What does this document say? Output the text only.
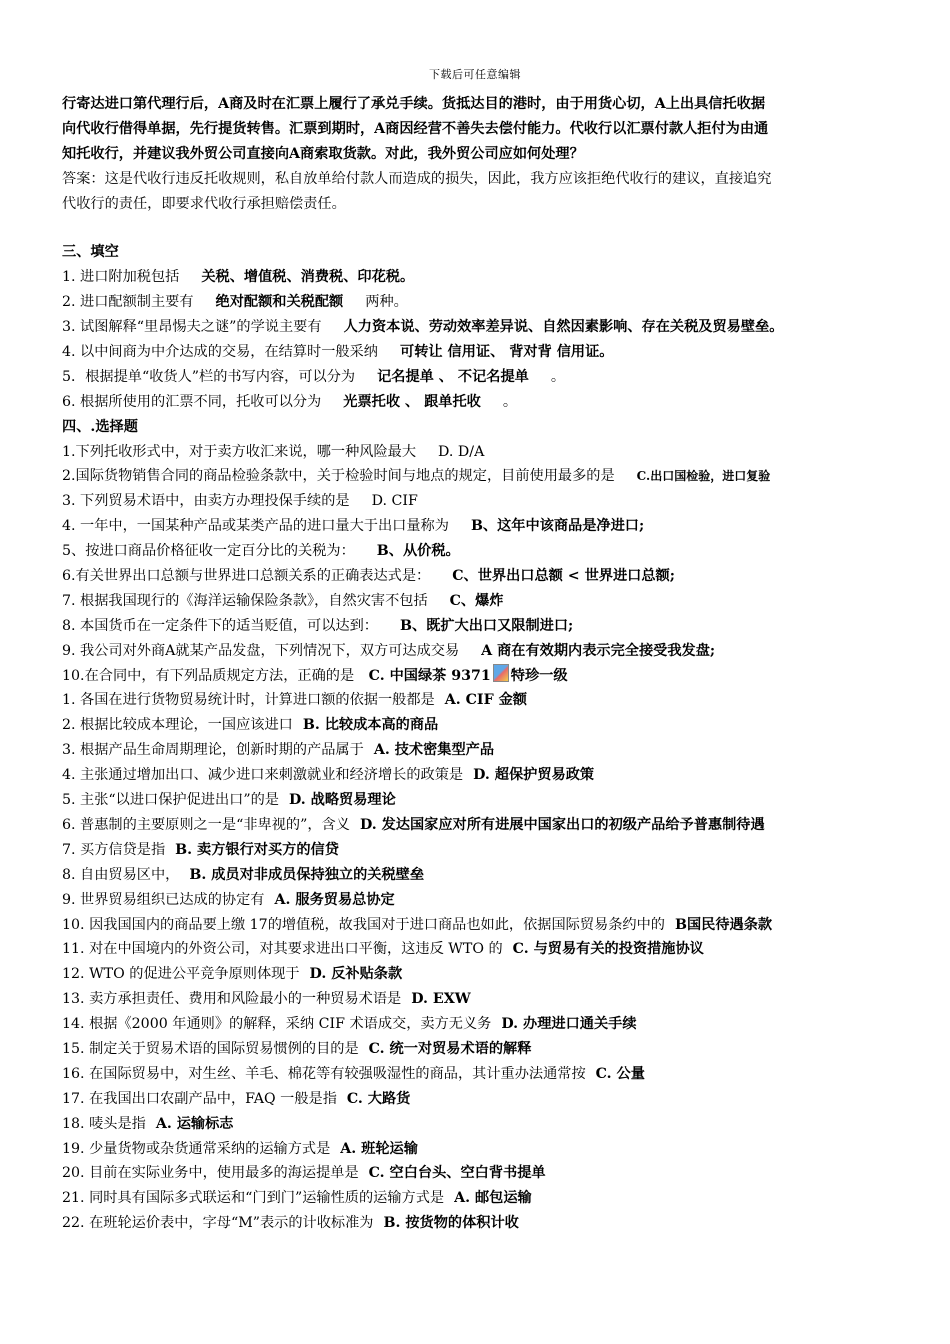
下载后可任意编辑
行寄达进口第代理行后，A商及时在汇票上履行了承兑手续。货抵达目的港时，由于用货心切，A上出具信托收据
向代收行借得单据，先行提货转售。汇票到期时，A商因经营不善失去偿付能力。代收行以汇票付款人拒付为由通
知托收行，并建议我外贸公司直接向A商索取货款。对此，我外贸公司应如何处理？
答案：这是代收行违反托收规则，私自放单给付款人而造成的损失，因此，我方应该拒绝代收行的建议，直接追究
代收行的责任，即要求代收行承担赔偿责任。
三、填空
1. 进口附加税包括 关税、增值税、消费税、印花税。
2. 进口配额制主要有 绝对配额和关税配额 两种。
3. 试图解释“里昂惕夫之谜”的学说主要有 人力资本说、劳动效率差异说、自然因素影响、存在关税及贸易壁垒。
4. 以中间商为中介达成的交易，在结算时一般采纳 可转让 信用证、 背对背 信用证。
5．根据提单“收货人”栏的书写内容，可以分为 记名提单 、 不记名提单 。
6. 根据所使用的汇票不同，托收可以分为 光票托收 、 跟单托收 。
四、.选择题
1.下列托收形式中，对于卖方收汇来说，哪一种风险最大 D. D/A
2.国际货物销售合同的商品检验条款中，关于检验时间与地点的规定，目前使用最多的是 C.出口国检验，进口复验
3. 下列贸易术语中，由卖方办理投保手续的是 D. CIF
4. 一年中，一国某种产品或某类产品的进口量大于出口量称为 B、这年中该商品是净进口;
5、按进口商品价格征收一定百分比的关税为： B、从价税。
6.有关世界出口总额与世界进口总额关系的正确表达式是： C、世界出口总额 < 世界进口总额;
7. 根据我国现行的《海洋运输保险条款》，自然灾害不包括 C、爆炸
8. 本国货币在一定条件下的适当贬值，可以达到： B、既扩大出口又限制进口;
9. 我公司对外商A就某产品发盘，下列情况下，双方可达成交易 A 商在有效期内表示完全接受我发盘;
10.在合同中，有下列品质规定方法，正确的是 C. 中国绿茶 9371 特珍一级
1. 各国在进行货物贸易统计时，计算进口额的依据一般都是 A. CIF 金额
2. 根据比较成本理论，一国应该进口 B. 比较成本高的商品
3. 根据产品生命周期理论，创新时期的产品属于 A. 技术密集型产品
4. 主张通过增加出口、减少进口来刺激就业和经济增长的政策是 D. 超保护贸易政策
5. 主张“以进口保护促进出口”的是 D. 战略贸易理论
6. 普惠制的主要原则之一是“非卑视的”，含义 D. 发达国家应对所有进展中国家出口的初级产品给予普惠制待遇
7. 买方信贷是指 B. 卖方银行对买方的信贷
8. 自由贸易区中， B. 成员对非成员保持独立的关税壁垒
9. 世界贸易组织已达成的协定有 A. 服务贸易总协定
10. 因我国国内的商品要上缴 17的增值税，故我国对于进口商品也如此，依据国际贸易条约中的 B国民待遇条款
11. 对在中国境内的外资公司，对其要求进出口平衡，这违反 WTO 的 C. 与贸易有关的投资措施协议
12. WTO 的促进公平竞争原则体现于 D. 反补贴条款
13. 卖方承担责任、费用和风险最小的一种贸易术语是 D. EXW
14. 根据《2000 年通则》的解释，采纳 CIF 术语成交，卖方无义务 D. 办理进口通关手续
15. 制定关于贸易术语的国际贸易惯例的目的是 C. 统一对贸易术语的解释
16. 在国际贸易中，对生丝、羊毛、棉花等有较强吸湿性的商品，其计重办法通常按 C. 公量
17. 在我国出口农副产品中，FAQ 一般是指 C. 大路货
18. 唛头是指 A. 运输标志
19. 少量货物或杂货通常采纳的运输方式是 A. 班轮运输
20. 目前在实际业务中，使用最多的海运提单是 C. 空白台头、空白背书提单
21. 同时具有国际多式联运和“门到门”运输性质的运输方式是 A. 邮包运输
22. 在班轮运价表中，字母“M”表示的计收标准为 B. 按货物的体积计收
